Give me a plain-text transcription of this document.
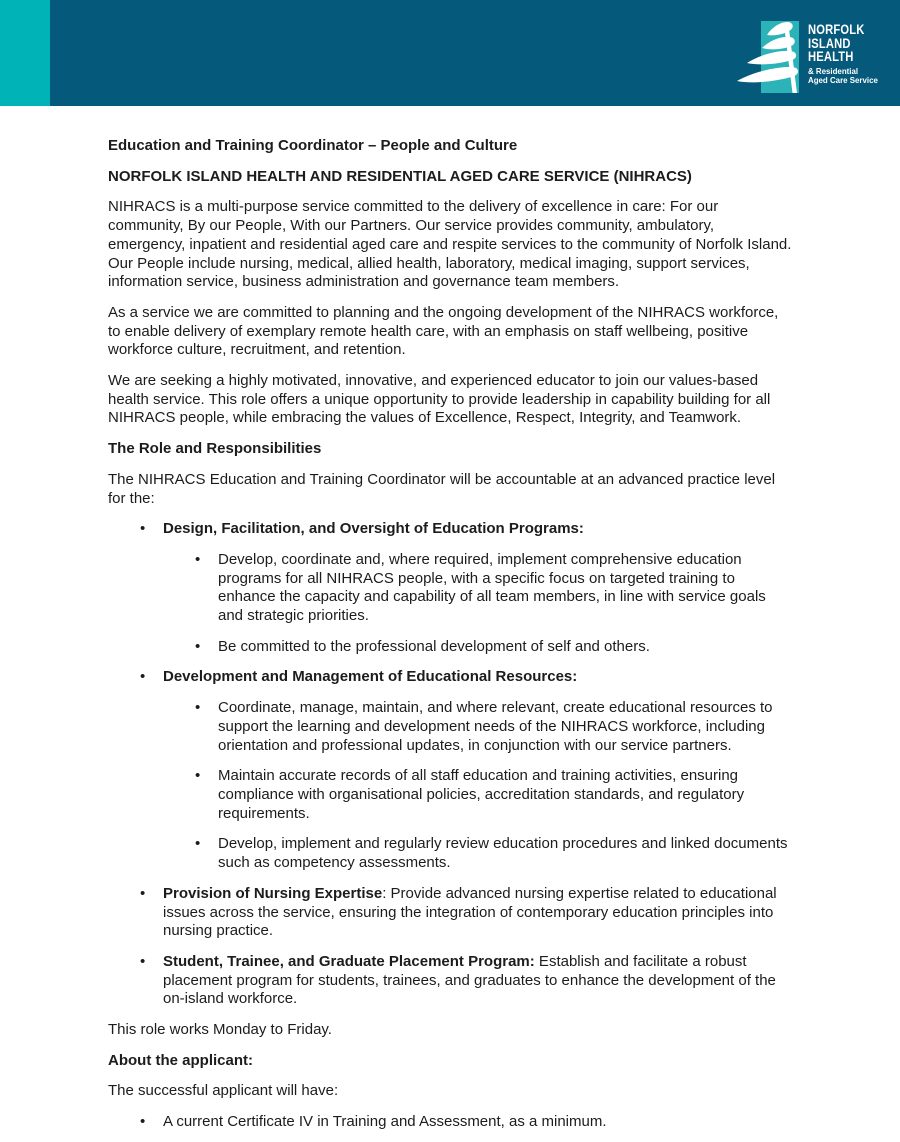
NORFOLK
ISLAND
HEALTH
& Residential
Aged Care Service

Education and Training Coordinator – People and Culture

NORFOLK ISLAND HEALTH AND RESIDENTIAL AGED CARE SERVICE (NIHRACS)

NIHRACS is a multi-purpose service committed to the delivery of excellence in care: For our community, By our People, With our Partners. Our service provides community, ambulatory, emergency, inpatient and residential aged care and respite services to the community of Norfolk Island. Our People include nursing, medical, allied health, laboratory, medical imaging, support services, information service, business administration and governance team members.

As a service we are committed to planning and the ongoing development of the NIHRACS workforce, to enable delivery of exemplary remote health care, with an emphasis on staff wellbeing, positive workforce culture, recruitment, and retention.

We are seeking a highly motivated, innovative, and experienced educator to join our values-based health service. This role offers a unique opportunity to provide leadership in capability building for all NIHRACS people, while embracing the values of Excellence, Respect, Integrity, and Teamwork.

The Role and Responsibilities

The NIHRACS Education and Training Coordinator will be accountable at an advanced practice level for the:

• Design, Facilitation, and Oversight of Education Programs:
• Develop, coordinate and, where required, implement comprehensive education programs for all NIHRACS people, with a specific focus on targeted training to enhance the capacity and capability of all team members, in line with service goals and strategic priorities.
• Be committed to the professional development of self and others.
• Development and Management of Educational Resources:
• Coordinate, manage, maintain, and where relevant, create educational resources to support the learning and development needs of the NIHRACS workforce, including orientation and professional updates, in conjunction with our service partners.
• Maintain accurate records of all staff education and training activities, ensuring compliance with organisational policies, accreditation standards, and regulatory requirements.
• Develop, implement and regularly review education procedures and linked documents such as competency assessments.
• Provision of Nursing Expertise: Provide advanced nursing expertise related to educational issues across the service, ensuring the integration of contemporary education principles into nursing practice.
• Student, Trainee, and Graduate Placement Program: Establish and facilitate a robust placement program for students, trainees, and graduates to enhance the development of the on-island workforce.

This role works Monday to Friday.

About the applicant:

The successful applicant will have:

• A current Certificate IV in Training and Assessment, as a minimum.
